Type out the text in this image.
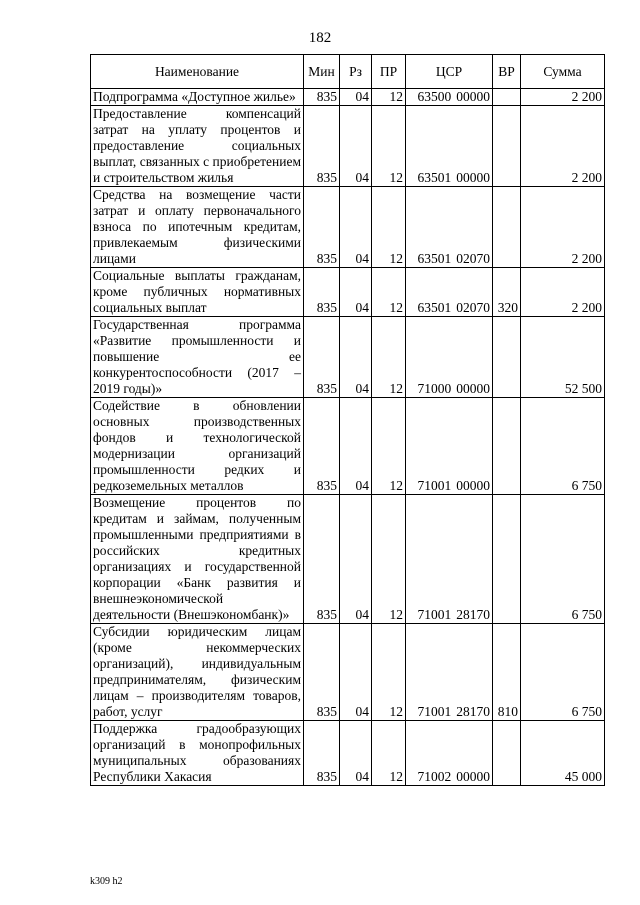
182
Наименование	Мин	Рз	ПР	ЦСР	ВР	Сумма
Подпрограмма «Доступное жилье»	835	04	12	63500 00000		2 200
Предоставление компенсаций затрат на уплату процентов и предоставление социальных выплат, связанных с приобретением и строительством жилья	835	04	12	63501 00000		2 200
Средства на возмещение части затрат и оплату первоначального взноса по ипотечным кредитам, привлекаемым физическими лицами	835	04	12	63501 02070		2 200
Социальные выплаты гражданам, кроме публичных нормативных социальных выплат	835	04	12	63501 02070	320	2 200
Государственная программа «Развитие промышленности и повышение ее конкурентоспособности (2017 – 2019 годы)»	835	04	12	71000 00000		52 500
Содействие в обновлении основных производственных фондов и технологической модернизации организаций промышленности редких и редкоземельных металлов	835	04	12	71001 00000		6 750
Возмещение процентов по кредитам и займам, полученным промышленными предприятиями в российских кредитных организациях и государственной корпорации «Банк развития и внешнеэкономической деятельности (Внешэкономбанк)»	835	04	12	71001 28170		6 750
Субсидии юридическим лицам (кроме некоммерческих организаций), индивидуальным предпринимателям, физическим лицам – производителям товаров, работ, услуг	835	04	12	71001 28170	810	6 750
Поддержка градообразующих организаций в монопрофильных муниципальных образованиях Республики Хакасия	835	04	12	71002 00000		45 000
k309 h2
